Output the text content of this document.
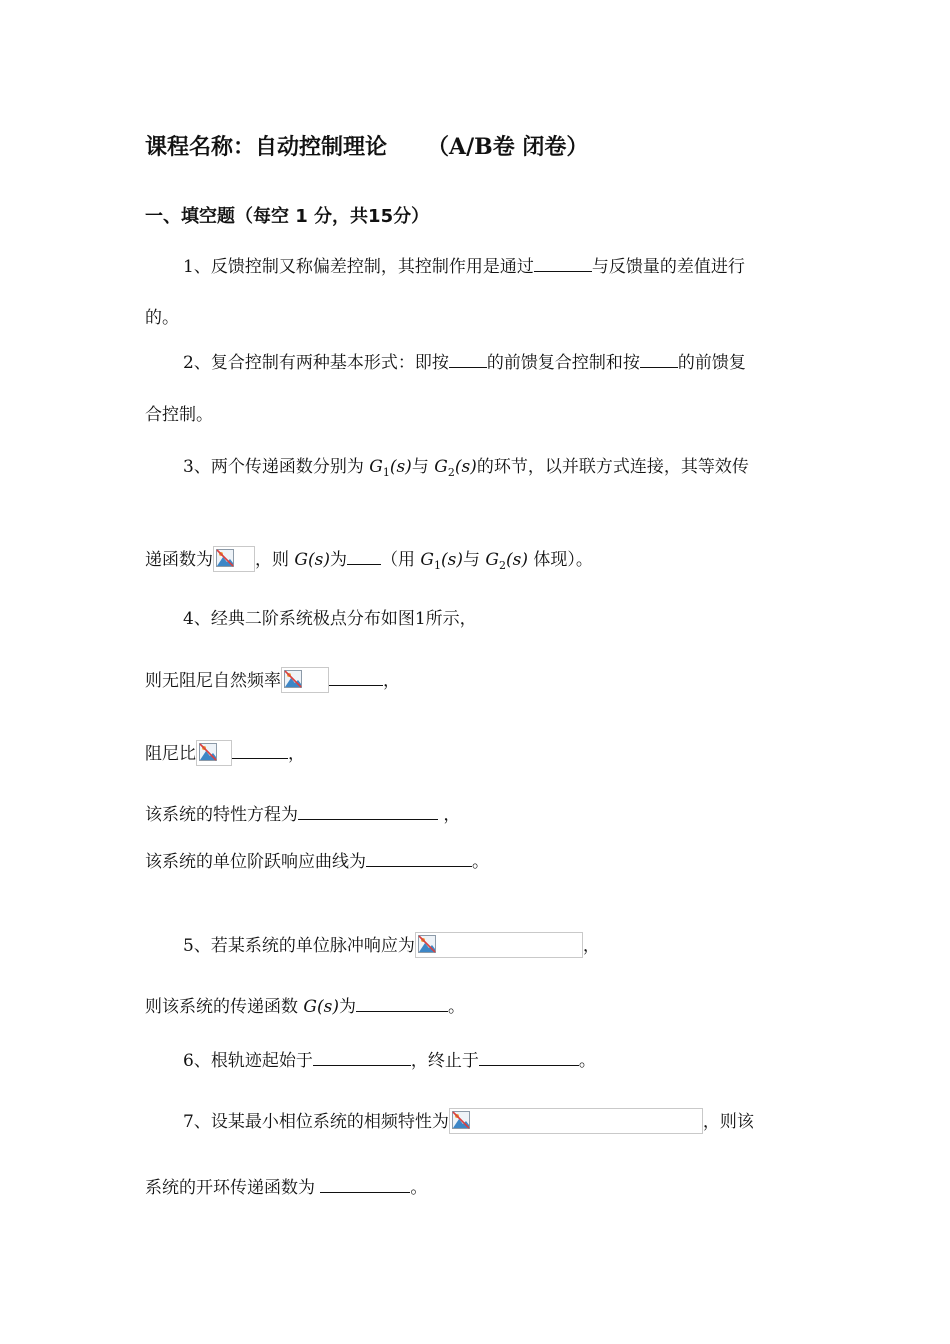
课程名称：自动控制理论 （A/B卷 闭卷）
一、填空题（每空 1 分，共15分）
1、反馈控制又称偏差控制，其控制作用是通过	与反馈量的差值进行
的。
2、复合控制有两种基本形式：即按 的前馈复合控制和按 的前馈复
合控制。
3、两个传递函数分别为 $G_1(s)$与 $G_2(s)$的环节，以并联方式连接，其等效传
递函数为 ，则 G(s)为 （用 $G_1(s)$与 $G_2(s)$ 体现）。
4、经典二阶系统极点分布如图1所示，
则无阻尼自然频率	，
阻尼比	，
该系统的特性方程为	，
该系统的单位阶跃响应曲线为	。
5、若某系统的单位脉冲响应为	，
则该系统的传递函数 G(s)为	。
6、根轨迹起始于	，终止于	。
7、设某最小相位系统的相频特性为	，则该
系统的开环传递函数为	。
